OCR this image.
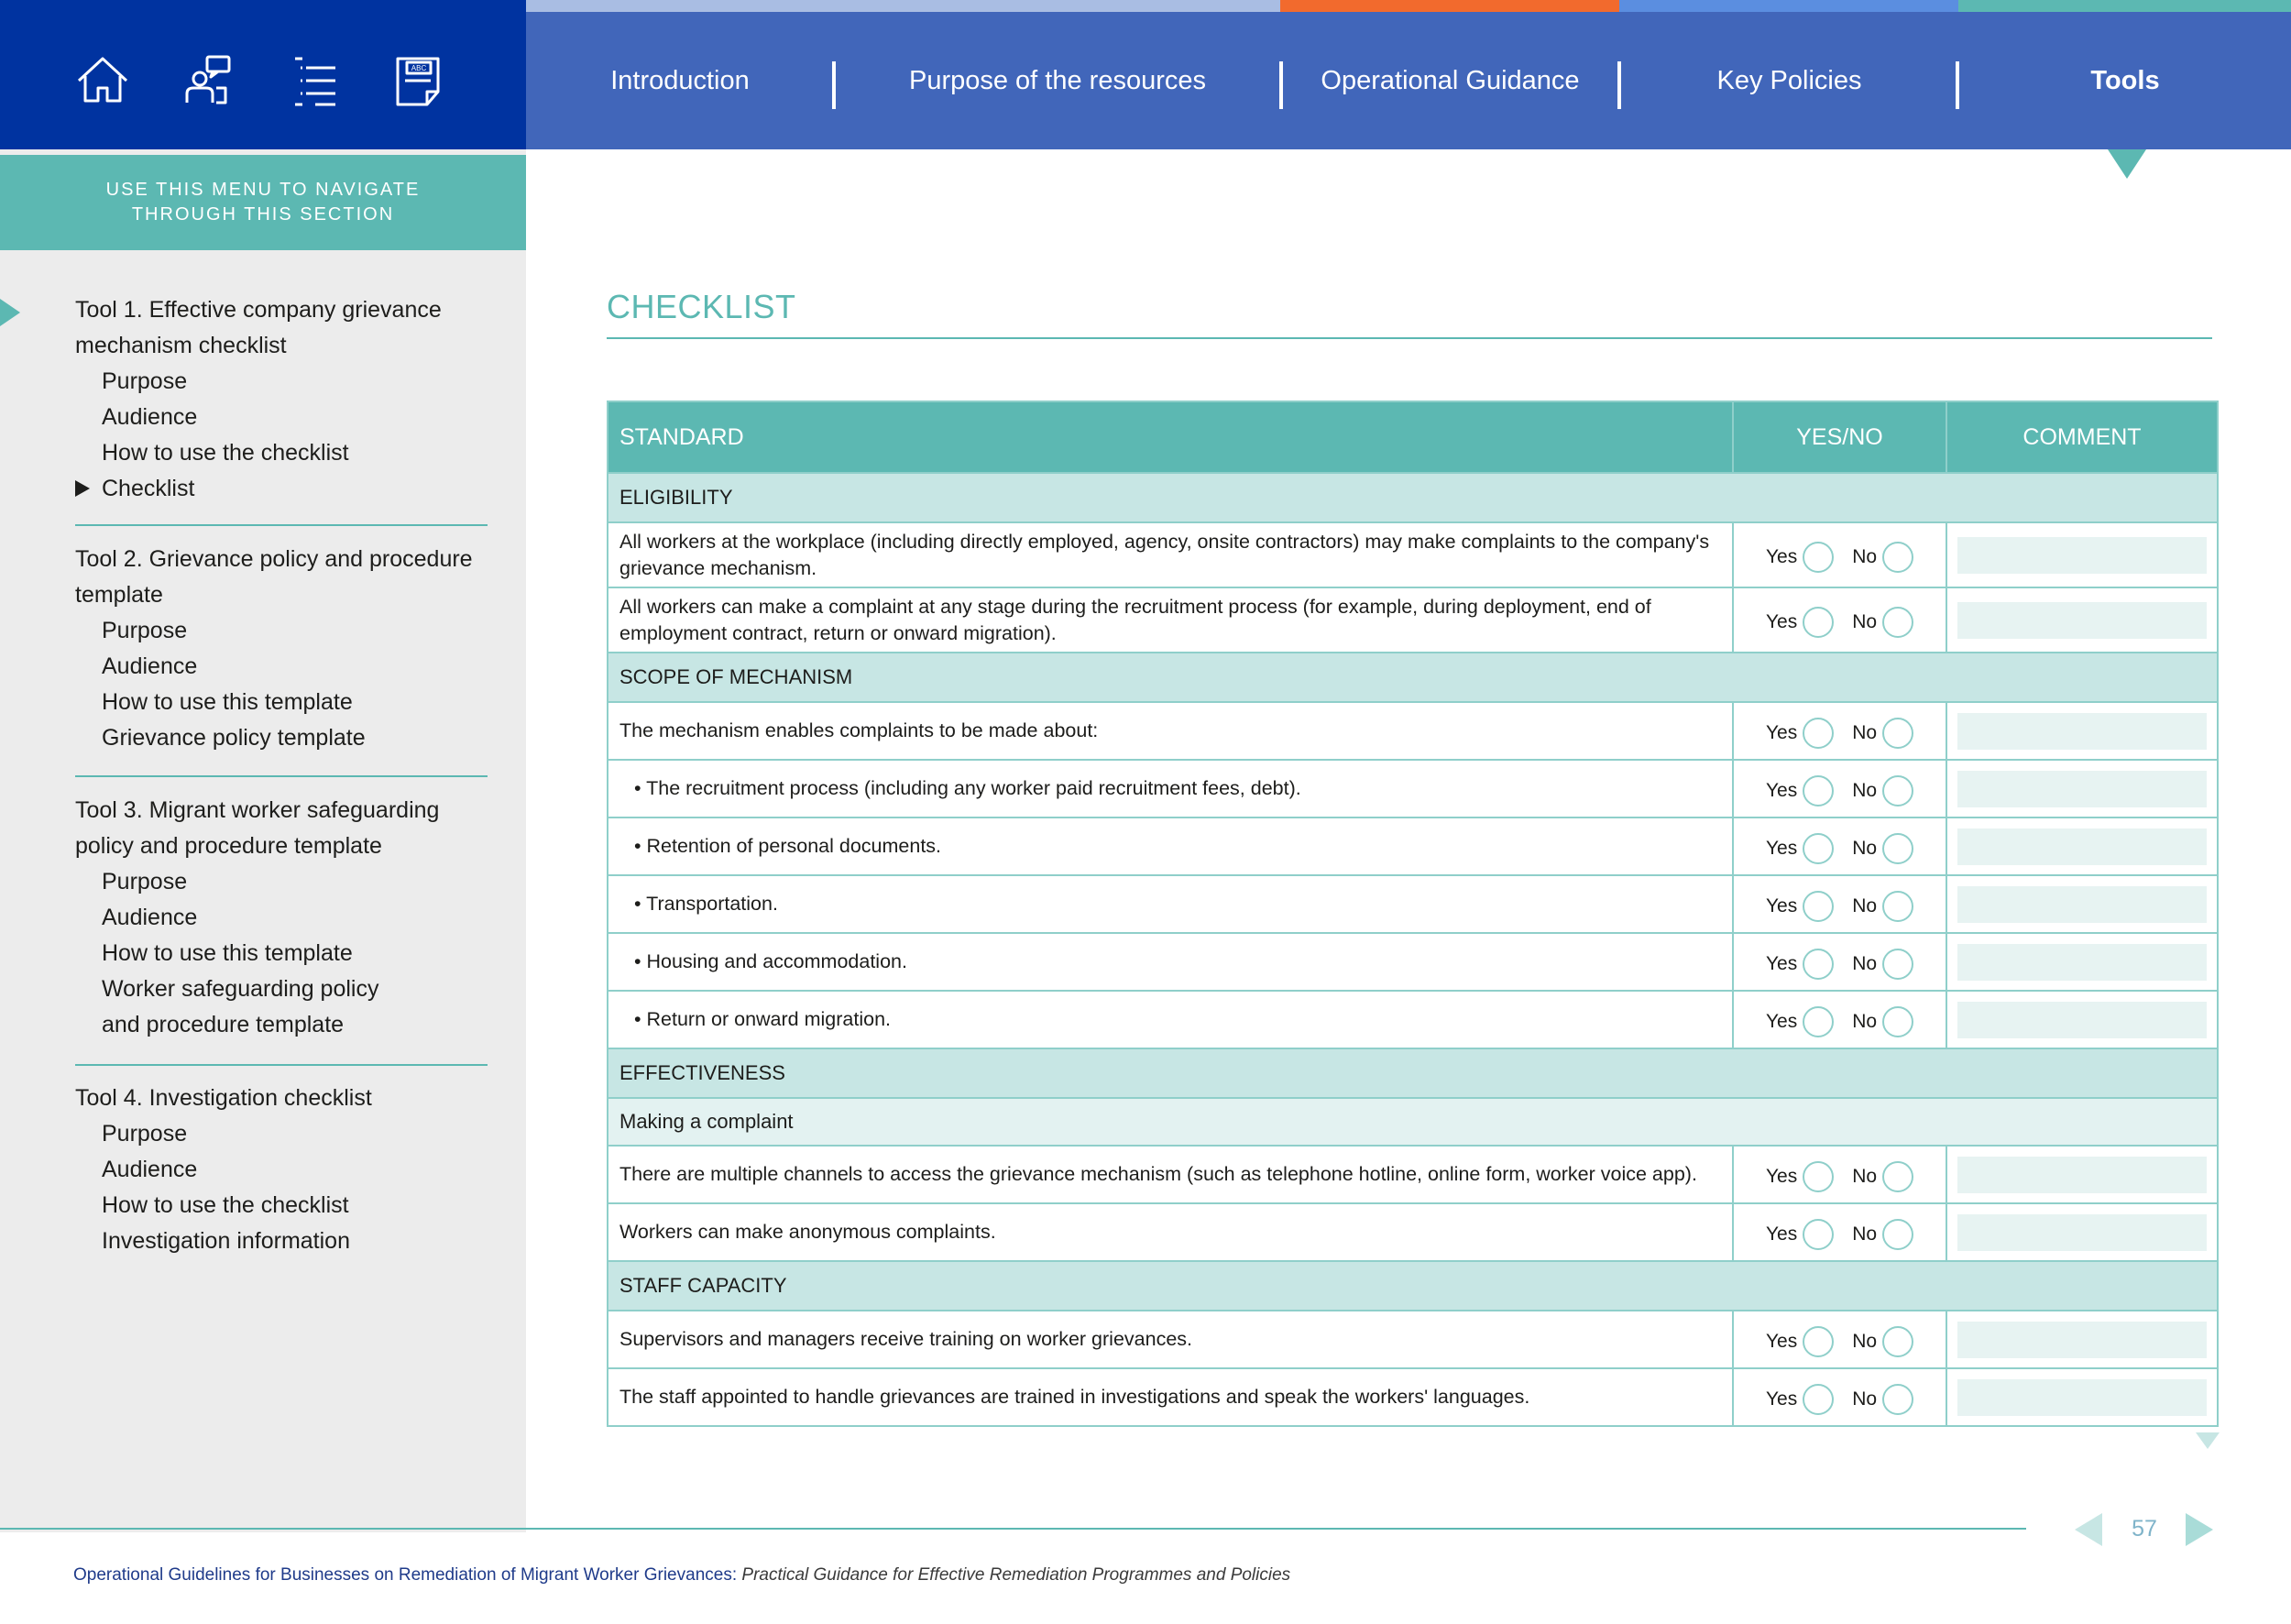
ABC	Introduction	Purpose of the resources	Operational Guidance	Key Policies	Tools
USE THIS MENU TO NAVIGATE THROUGH THIS SECTION
Tool 1. Effective company grievance mechanism checklist
Purpose
Audience
How to use the checklist
Checklist
Tool 2. Grievance policy and procedure template
Purpose
Audience
How to use this template
Grievance policy template
Tool 3. Migrant worker safeguarding policy and procedure template
Purpose
Audience
How to use this template
Worker safeguarding policy and procedure template
Tool 4. Investigation checklist
Purpose
Audience
How to use the checklist
Investigation information
CHECKLIST
STANDARD	YES/NO	COMMENT
ELIGIBILITY		
All workers at the workplace (including directly employed, agency, onsite contractors) may make complaints to the company's grievance mechanism.	Yes No	

All workers can make a complaint at any stage during the recruitment process (for example, during deployment, end of employment contract, return or onward migration).	Yes No	

SCOPE OF MECHANISM		
The mechanism enables complaints to be made about:	Yes No	

• The recruitment process (including any worker paid recruitment fees, debt).	Yes No	

• Retention of personal documents.	Yes No	

• Transportation.	Yes No	

• Housing and accommodation.	Yes No	

• Return or onward migration.	Yes No	

EFFECTIVENESS		
Making a complaint		
There are multiple channels to access the grievance mechanism (such as telephone hotline, online form, worker voice app).	Yes No	

Workers can make anonymous complaints.	Yes No	

STAFF CAPACITY		
Supervisors and managers receive training on worker grievances.	Yes No	

The staff appointed to handle grievances are trained in investigations and speak the workers' languages.	Yes No	

57
Operational Guidelines for Businesses on Remediation of Migrant Worker Grievances: Practical Guidance for Effective Remediation Programmes and Policies
